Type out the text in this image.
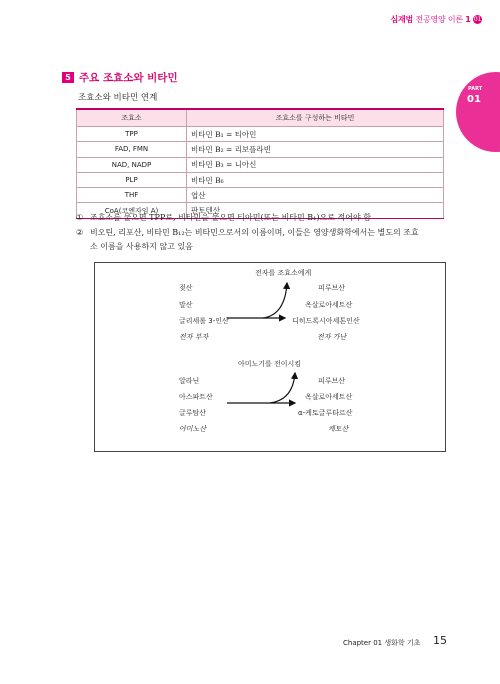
심재범 전공영양 이론 1 01
PART
01
5 주요 조효소와 비타민
조효소와 비타민 연계
조효소	조효소를 구성하는 비타민
TPP	비타민 B₁ = 티아민
FAD, FMN	비타민 B₂ = 리보플라빈
NAD, NADP	비타민 B₃ = 니아신
PLP	비타민 B₆
THF	엽산
CoA(코엔자임 A)	판토텐산
① 조효소를 물으면 TPP로, 비타민을 물으면 티아민(또는 비타민 B₁)으로 적어야 함
② 비오틴, 리포산, 비타민 B₁₂는 비타민으로서의 이름이며, 이들은 영양생화학에서는 별도의 조효
소 이름을 사용하지 않고 있음
전자를 조효소에게
젖산
말산
글리세롤 3-인산
전자 부자
피루브산
옥살로아세트산
디히드록시아세톤인산
전자 가난
아미노기를 전이시킴
알라닌
아스파트산
글루탐산
아미노산
피루브산
옥살로아세트산
α-케토글루타르산
케토산
Chapter 01 생화학 기초 15
